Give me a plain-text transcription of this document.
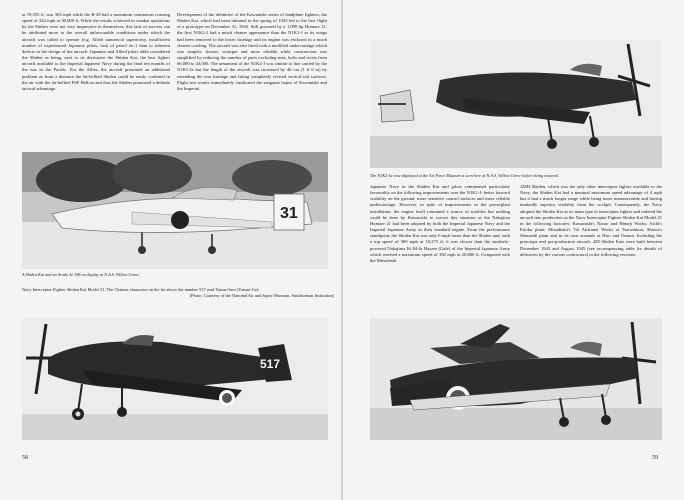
at 19,355 ft, was 363 mph while the B-29 had a maximum continuous cruising speed of 342 mph at 30,000 ft. While the results achieved in combat operations by the Shiden were not very impressive in themselves, this lack of success can be attributed more to the overall unfavourable conditions under which the aircraft was called to operate (e.g. Allied numerical superiority, insufficient number of experienced Japanese pilots, lack of petrol etc.) than to inherent defects in the design of the aircraft. Japanese and Allied pilots alike considered the Shiden as being, next to its derivative the Shiden Kai, the best fighter aircraft available to the Imperial Japanese Navy during the final ten months of the war in the Pacific. For the Allies, the aircraft presented an additional problem as from a distance the fat-bellied Shiden could be easily confused in the air with the fat-bellied F6F Hellcat and thus the Shiden possessed a definite tactical advantage.
Development of the definitive of the Kawanishi series of landplane fighters, the Shiden Kai, which had been initiated in the spring of 1943 led to the first flight of a prototype on December 31, 1943. Still powered by a 1,990 hp Homare 21, the first N1K2-J had a much cleaner appearance than the N1K1-J as its wings had been removed to the lower fuselage and its engine was enclosed in a much cleaner cowling. The aircraft was also fitted with a modified undercarriage which was simpler, shorter, stronger and more reliable while construction was simplified by reducing the number of parts excluding nuts, bolts and rivets from 66,000 to 43,000. The armament of the N1K2-J was similar to that carried by the N1K1-Ja but the length of the aircraft was increased by 46 cm (1 ft 6 in) by extending the rear fuselage and fitting completely revised vertical tail surfaces. Flight test results immediately vindicated the sanguine hopes of Kawanishi and the Imperial
31
A Shiden Kai and an Arado Ar 196 on display at N.A.S. Willow Grove.
Navy Interceptor Fighter Shiden Kai Model 21. The Chinese characters on the fin above the number 517 read Yatsuri-hen (Yatsuri Go).
(Photo: Courtesy of the National Air and Space Museum, Smithsonian Institution)
517
58
The N1K2-Ja now displayed at the Air Force Museum is seen here at N.A.S. Willow Grove before being restored.
Japanese Navy in the Shiden Kai and pilots commented particularly favourably on the following improvements over the N1K1-J: better forward visibility on the ground, more sensitive control surfaces and more reliable undercarriage. However, in spite of improvements in the powerplant installation, the engine itself remained a source of troubles but nothing could be done by Kawanishi to correct this situation as the Nakajima Homare 21 had been adopted by both the Imperial Japanese Navy and the Imperial Japanese Army as their standard engine. From the performance standpoint, the Shiden Kai was only 6 mph faster than the Shiden and, with a top speed of 369 mph at 18,375 ft, it was slower than the similarly-powered Nakajima Ki.84-Ia Hayate (Gale) of the Imperial Japanese Army which reached a maximum speed of 392 mph at 20,800 ft. Compared with the Mitsubishi
J2M3 Raiden, which was the only other interceptor fighter available to the Navy, the Shiden Kai had a nominal maximum speed advantage of 4 mph but it had a much longer range while being more manoeuvrable and having markedly superior visibility from the cockpit. Consequently, the Navy adopted the Shiden Kai as its main type of interceptor fighter and ordered the aircraft into production as the Navy Interceptor Fighter Shiden Kai Model 21 in the following factories: Kawanishi's Naruo and Himeji Works; Aichi's Eitoku plant; Mitsubishi's 7th Airframe Works at Tsurashima; Showa's Shimoshi plant and in its own arsenals at Hiro and Omura. Including the prototype and pre-production aircraft, 428 Shiden Kais were built between December 1943 and August 1945 (see accompanying table for details of deliveries by the various contractors) in the following versions:
59
